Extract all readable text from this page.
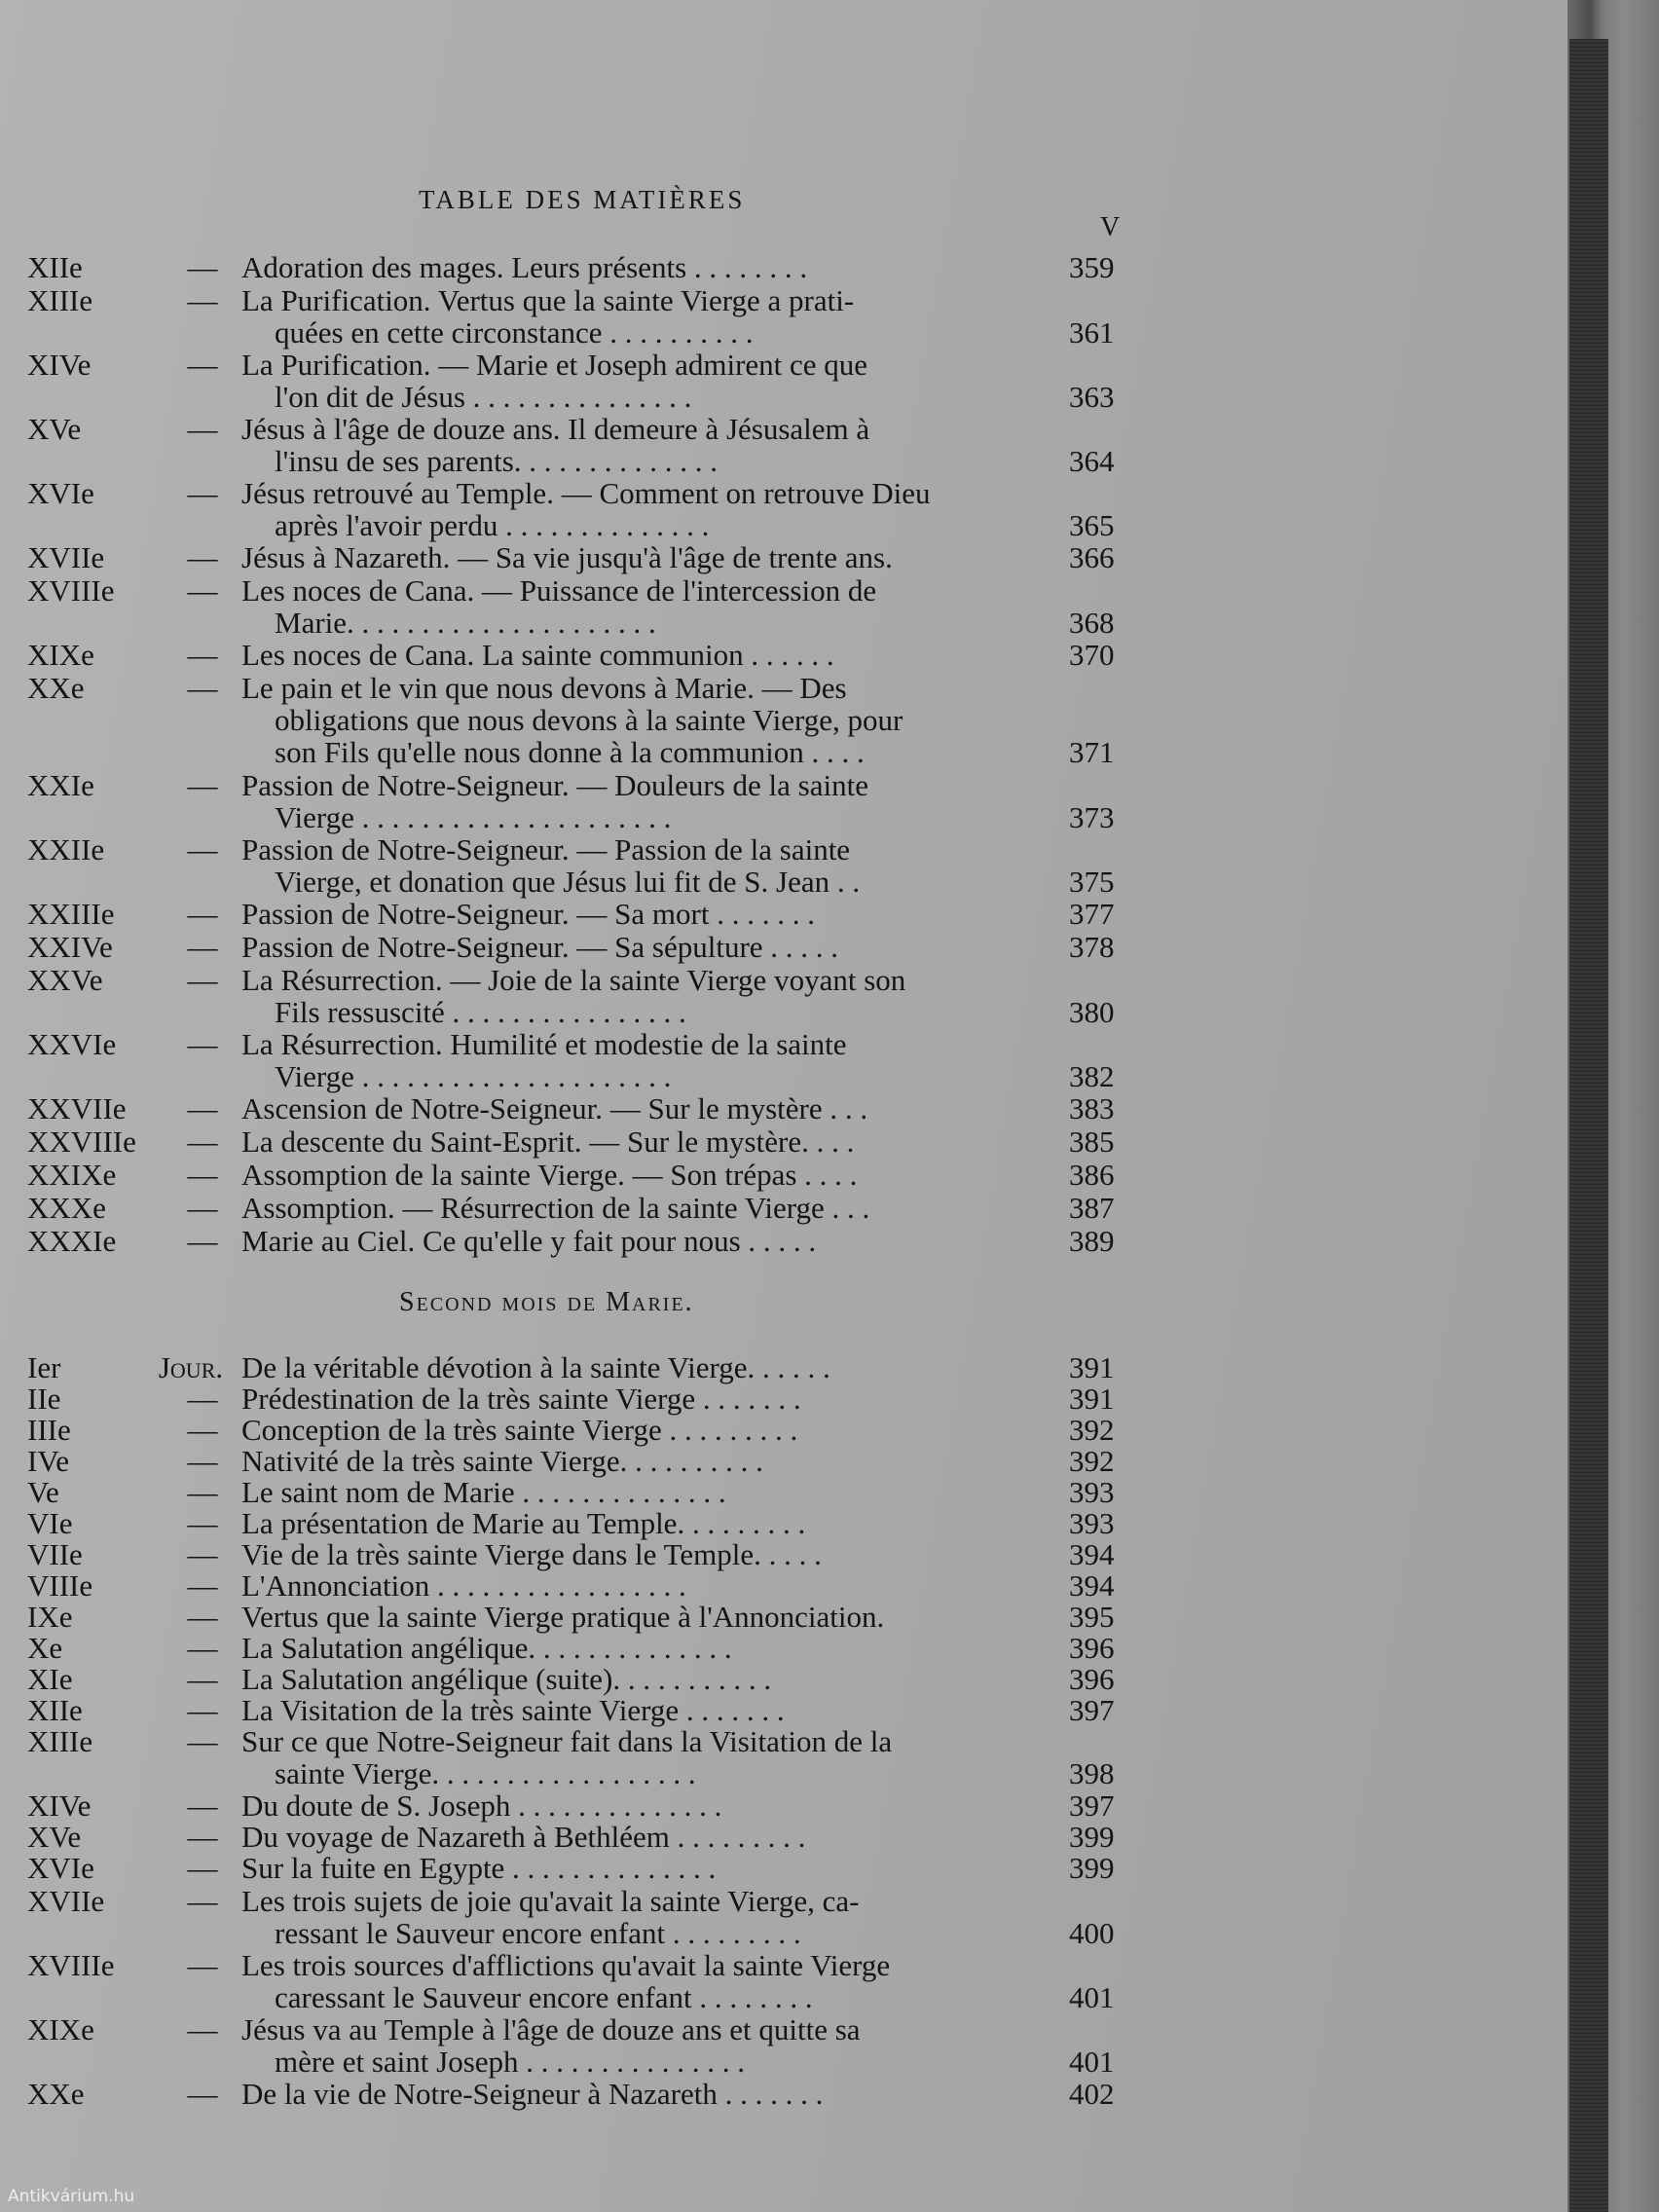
TABLE DES MATIÈRES
V
XIIe	— Adoration des mages. Leurs présents . . . . . . . .	359
XIIIe	— La Purification. Vertus que la sainte Vierge a prati-
quées en cette circonstance . . . . . . . . . .	361
XIVe	— La Purification. — Marie et Joseph admirent ce que
l'on dit de Jésus . . . . . . . . . . . . . . .	363
XVe	— Jésus à l'âge de douze ans. Il demeure à Jésusalem à
l'insu de ses parents. . . . . . . . . . . . . .	364
XVIe	— Jésus retrouvé au Temple. — Comment on retrouve Dieu
après l'avoir perdu . . . . . . . . . . . . . .	365
XVIIe	— Jésus à Nazareth. — Sa vie jusqu'à l'âge de trente ans.	366
XVIIIe	— Les noces de Cana. — Puissance de l'intercession de
Marie. . . . . . . . . . . . . . . . . . . . .	368
XIXe	— Les noces de Cana. La sainte communion . . . . . .	370
XXe	— Le pain et le vin que nous devons à Marie. — Des
obligations que nous devons à la sainte Vierge, pour
son Fils qu'elle nous donne à la communion . . . .	371
XXIe	— Passion de Notre-Seigneur. — Douleurs de la sainte
Vierge . . . . . . . . . . . . . . . . . . . . .	373
XXIIe	— Passion de Notre-Seigneur. — Passion de la sainte
Vierge, et donation que Jésus lui fit de S. Jean . .	375
XXIIIe	— Passion de Notre-Seigneur. — Sa mort . . . . . . .	377
XXIVe	— Passion de Notre-Seigneur. — Sa sépulture . . . . .	378
XXVe	— La Résurrection. — Joie de la sainte Vierge voyant son
Fils ressuscité . . . . . . . . . . . . . . . .	380
XXVIe	— La Résurrection. Humilité et modestie de la sainte
Vierge . . . . . . . . . . . . . . . . . . . . .	382
XXVIIe	— Ascension de Notre-Seigneur. — Sur le mystère . . .	383
XXVIIIe	— La descente du Saint-Esprit. — Sur le mystère. . . .	385
XXIXe	— Assomption de la sainte Vierge. — Son trépas . . . .	386
XXXe	— Assomption. — Résurrection de la sainte Vierge . . .	387
XXXIe	— Marie au Ciel. Ce qu'elle y fait pour nous . . . . .	389
Second mois de Marie.
Ier	Jour. De la véritable dévotion à la sainte Vierge. . . . . .	391
IIe	— Prédestination de la très sainte Vierge . . . . . . .	391
IIIe	— Conception de la très sainte Vierge . . . . . . . . .	392
IVe	— Nativité de la très sainte Vierge. . . . . . . . . .	392
Ve	— Le saint nom de Marie . . . . . . . . . . . . . .	393
VIe	— La présentation de Marie au Temple. . . . . . . . .	393
VIIe	— Vie de la très sainte Vierge dans le Temple. . . . .	394
VIIIe	— L'Annonciation . . . . . . . . . . . . . . . . .	394
IXe	— Vertus que la sainte Vierge pratique à l'Annonciation.	395
Xe	— La Salutation angélique. . . . . . . . . . . . . .	396
XIe	— La Salutation angélique (suite). . . . . . . . . . .	396
XIIe	— La Visitation de la très sainte Vierge . . . . . . .	397
XIIIe	— Sur ce que Notre-Seigneur fait dans la Visitation de la
sainte Vierge. . . . . . . . . . . . . . . . . .	398
XIVe	— Du doute de S. Joseph . . . . . . . . . . . . . .	397
XVe	— Du voyage de Nazareth à Bethléem . . . . . . . . .	399
XVIe	— Sur la fuite en Egypte . . . . . . . . . . . . . .	399
XVIIe	— Les trois sujets de joie qu'avait la sainte Vierge, ca-
ressant le Sauveur encore enfant . . . . . . . . .	400
XVIIIe	— Les trois sources d'afflictions qu'avait la sainte Vierge
caressant le Sauveur encore enfant . . . . . . . .	401
XIXe	— Jésus va au Temple à l'âge de douze ans et quitte sa
mère et saint Joseph . . . . . . . . . . . . . . .	401
XXe	— De la vie de Notre-Seigneur à Nazareth . . . . . . .	402
Antikvárium.hu
